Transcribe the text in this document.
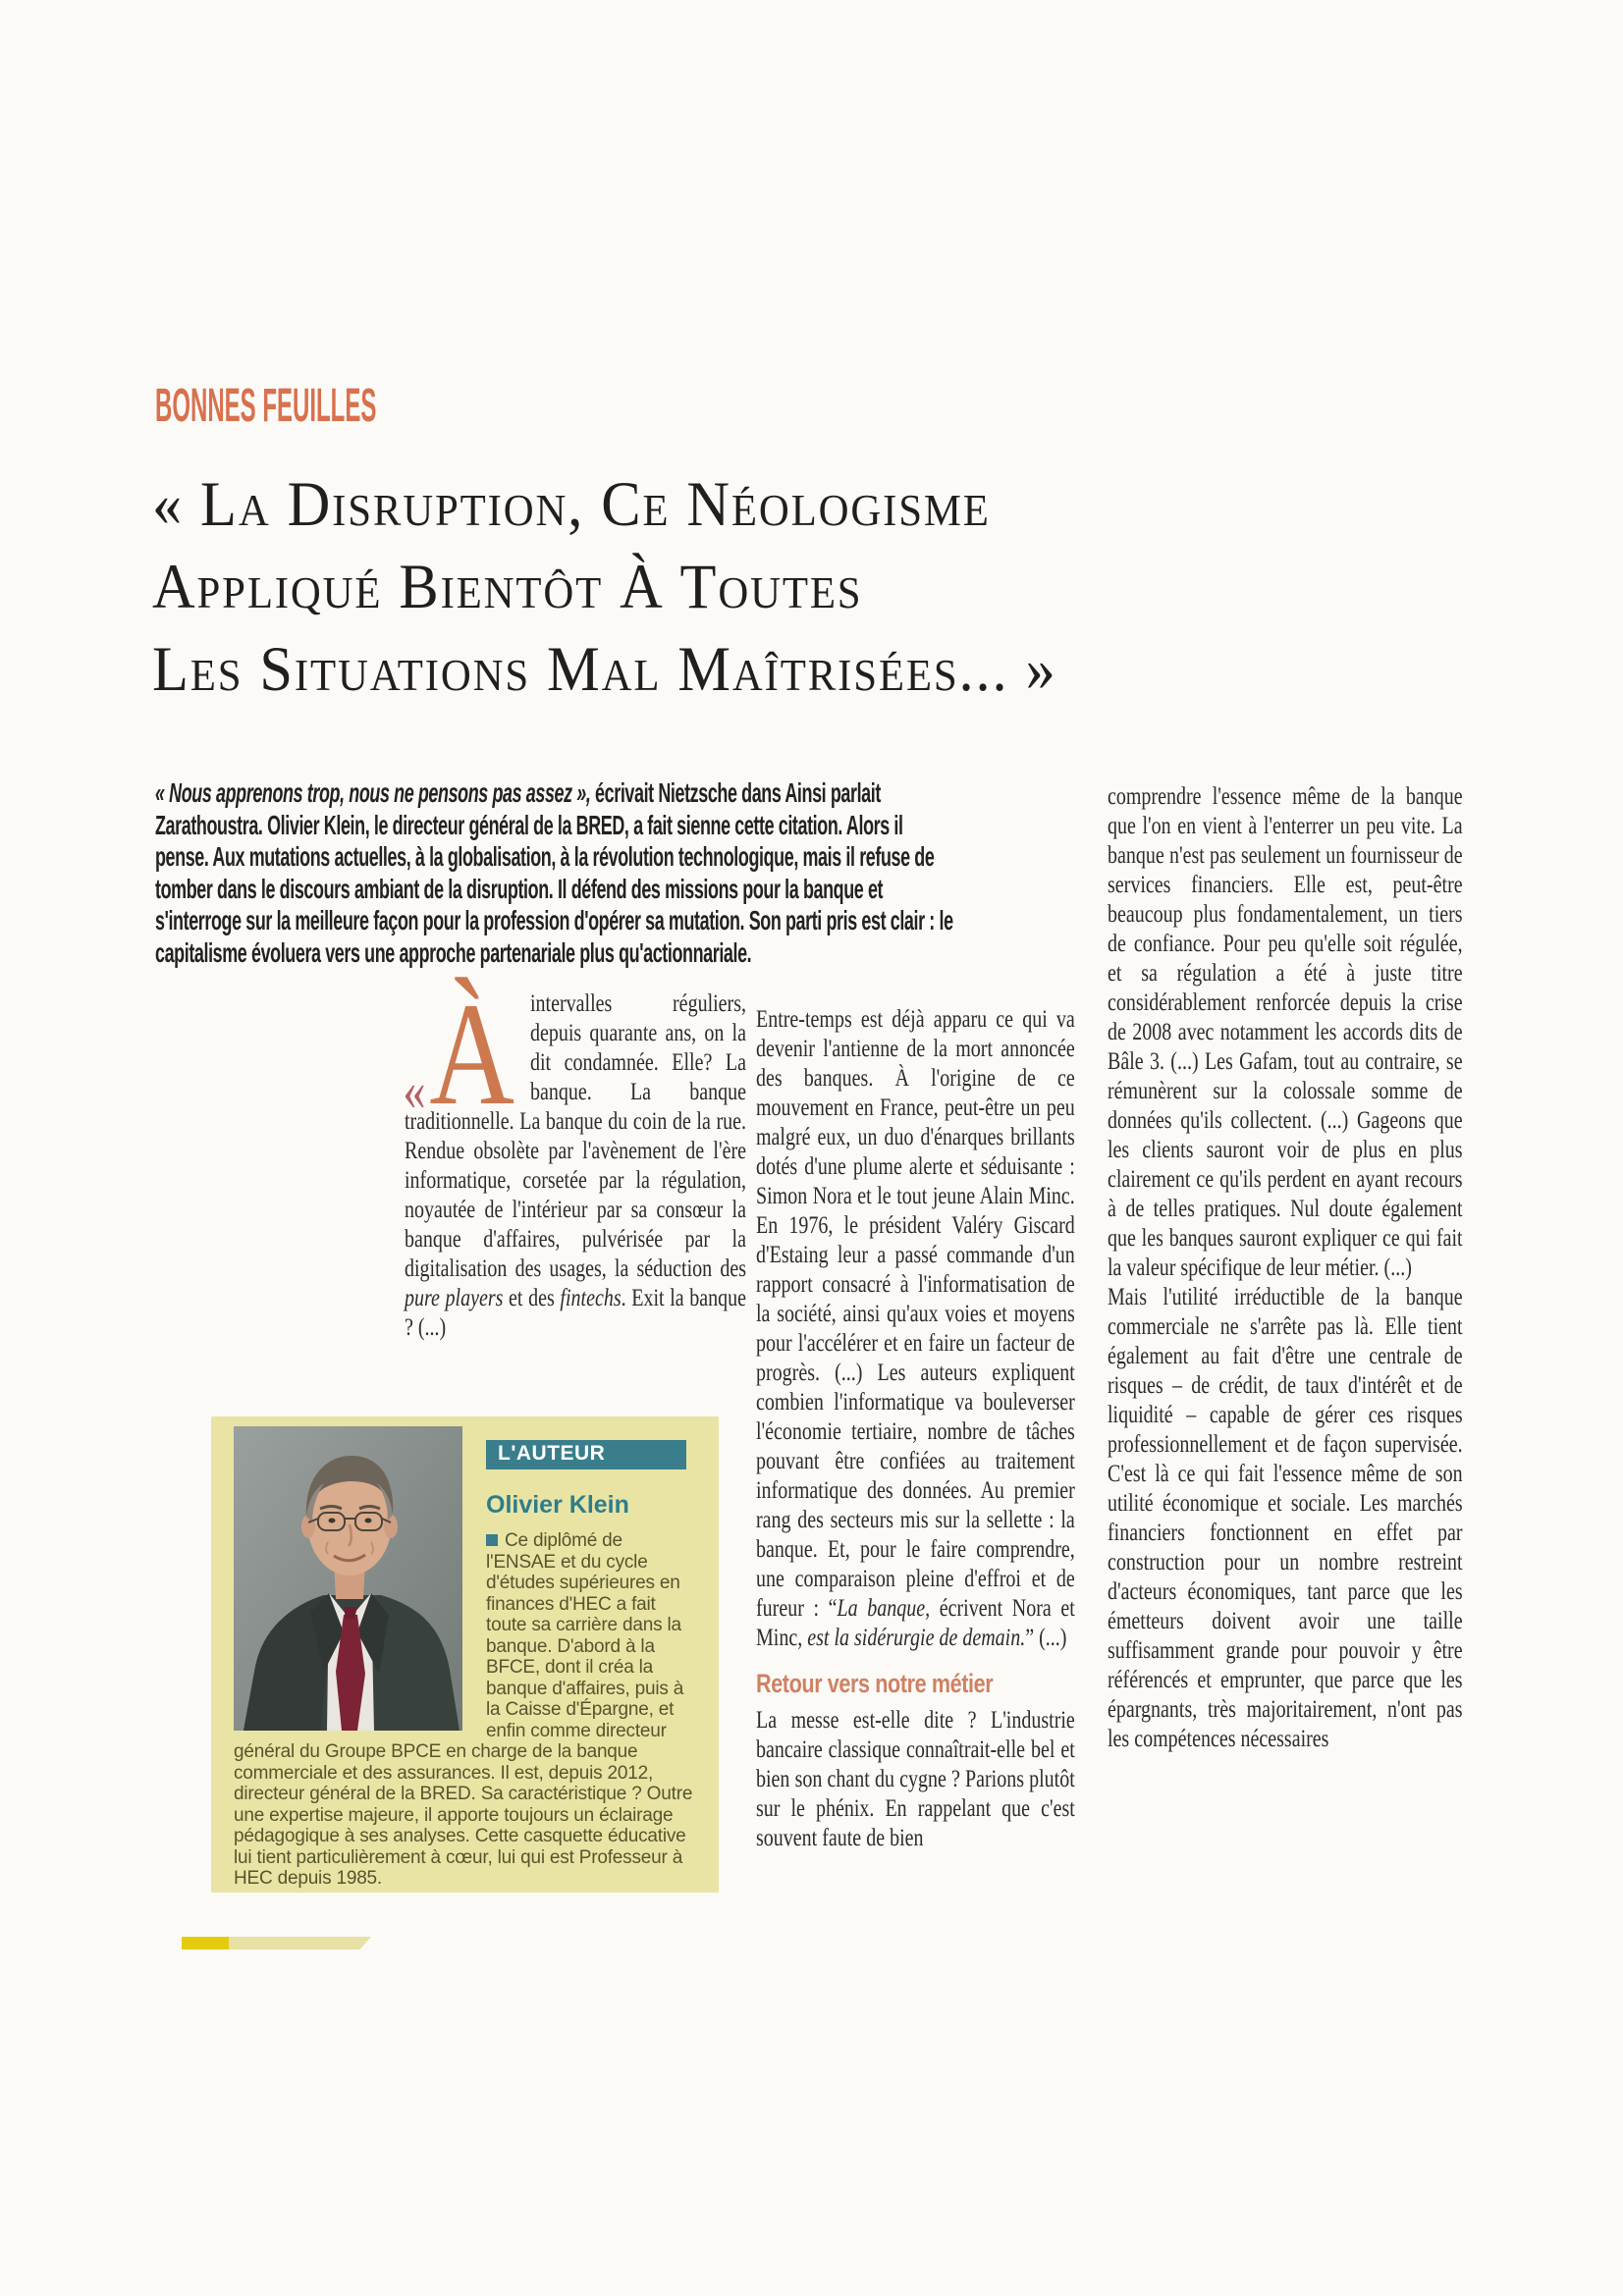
BONNES FEUILLES
« La Disruption, Ce Néologisme
Appliqué Bientôt À Toutes
Les Situations Mal Maîtrisées... »

« Nous apprenons trop, nous ne pensons pas assez », écrivait Nietzsche dans Ainsi parlait Zarathoustra. Olivier Klein, le directeur général de la BRED, a fait sienne cette citation. Alors il pense. Aux mutations actuelles, à la globalisation, à la révolution technologique, mais il refuse de tomber dans le discours ambiant de la disruption. Il défend des missions pour la banque et s'interroge sur la meilleure façon pour la profession d'opérer sa mutation. Son parti pris est clair : le capitalisme évoluera vers une approche partenariale plus qu'actionnariale.

« À intervalles réguliers, depuis quarante ans, on la dit condamnée. Elle? La banque. La banque traditionnelle. La banque du coin de la rue. Rendue obsolète par l'avènement de l'ère informatique, corsetée par la régulation, noyautée de l'intérieur par sa consœur la banque d'affaires, pulvérisée par la digitalisation des usages, la séduction des pure players et des fintechs. Exit la banque ? (...)

Entre-temps est déjà apparu ce qui va devenir l'antienne de la mort annoncée des banques. À l'origine de ce mouvement en France, peut-être un peu malgré eux, un duo d'énarques brillants dotés d'une plume alerte et séduisante : Simon Nora et le tout jeune Alain Minc. En 1976, le président Valéry Giscard d'Estaing leur a passé commande d'un rapport consacré à l'informatisation de la société, ainsi qu'aux voies et moyens pour l'accélérer et en faire un facteur de progrès. (...) Les auteurs expliquent combien l'informatique va bouleverser l'économie tertiaire, nombre de tâches pouvant être confiées au traitement informatique des données. Au premier rang des secteurs mis sur la sellette : la banque. Et, pour le faire comprendre, une comparaison pleine d'effroi et de fureur : “La banque, écrivent Nora et Minc, est la sidérurgie de demain.” (...)

Retour vers notre métier

La messe est-elle dite ? L'industrie bancaire classique connaîtrait-elle bel et bien son chant du cygne ? Parions plutôt sur le phénix. En rappelant que c'est souvent faute de bien

comprendre l'essence même de la banque que l'on en vient à l'enterrer un peu vite. La banque n'est pas seulement un fournisseur de services financiers. Elle est, peut-être beaucoup plus fondamentalement, un tiers de confiance. Pour peu qu'elle soit régulée, et sa régulation a été à juste titre considérablement renforcée depuis la crise de 2008 avec notamment les accords dits de Bâle 3. (...) Les Gafam, tout au contraire, se rémunèrent sur la colossale somme de données qu'ils collectent. (...) Gageons que les clients sauront voir de plus en plus clairement ce qu'ils perdent en ayant recours à de telles pratiques. Nul doute également que les banques sauront expliquer ce qui fait la valeur spécifique de leur métier. (...)

Mais l'utilité irréductible de la banque commerciale ne s'arrête pas là. Elle tient également au fait d'être une centrale de risques – de crédit, de taux d'intérêt et de liquidité – capable de gérer ces risques professionnellement et de façon supervisée. C'est là ce qui fait l'essence même de son utilité économique et sociale. Les marchés financiers fonctionnent en effet par construction pour un nombre restreint d'acteurs économiques, tant parce que les émetteurs doivent avoir une taille suffisamment grande pour pouvoir y être référencés et emprunter, que parce que les épargnants, très majoritairement, n'ont pas les compétences nécessaires

L'AUTEUR
Olivier Klein

Ce diplômé de l'ENSAE et du cycle d'études supérieures en finances d'HEC a fait toute sa carrière dans la banque. D'abord à la BFCE, dont il créa la banque d'affaires, puis à la Caisse d'Épargne, et enfin comme directeur général du Groupe BPCE en charge de la banque commerciale et des assurances. Il est, depuis 2012, directeur général de la BRED. Sa caractéristique ? Outre une expertise majeure, il apporte toujours un éclairage pédagogique à ses analyses. Cette casquette éducative lui tient particulièrement à cœur, lui qui est Professeur à HEC depuis 1985.
